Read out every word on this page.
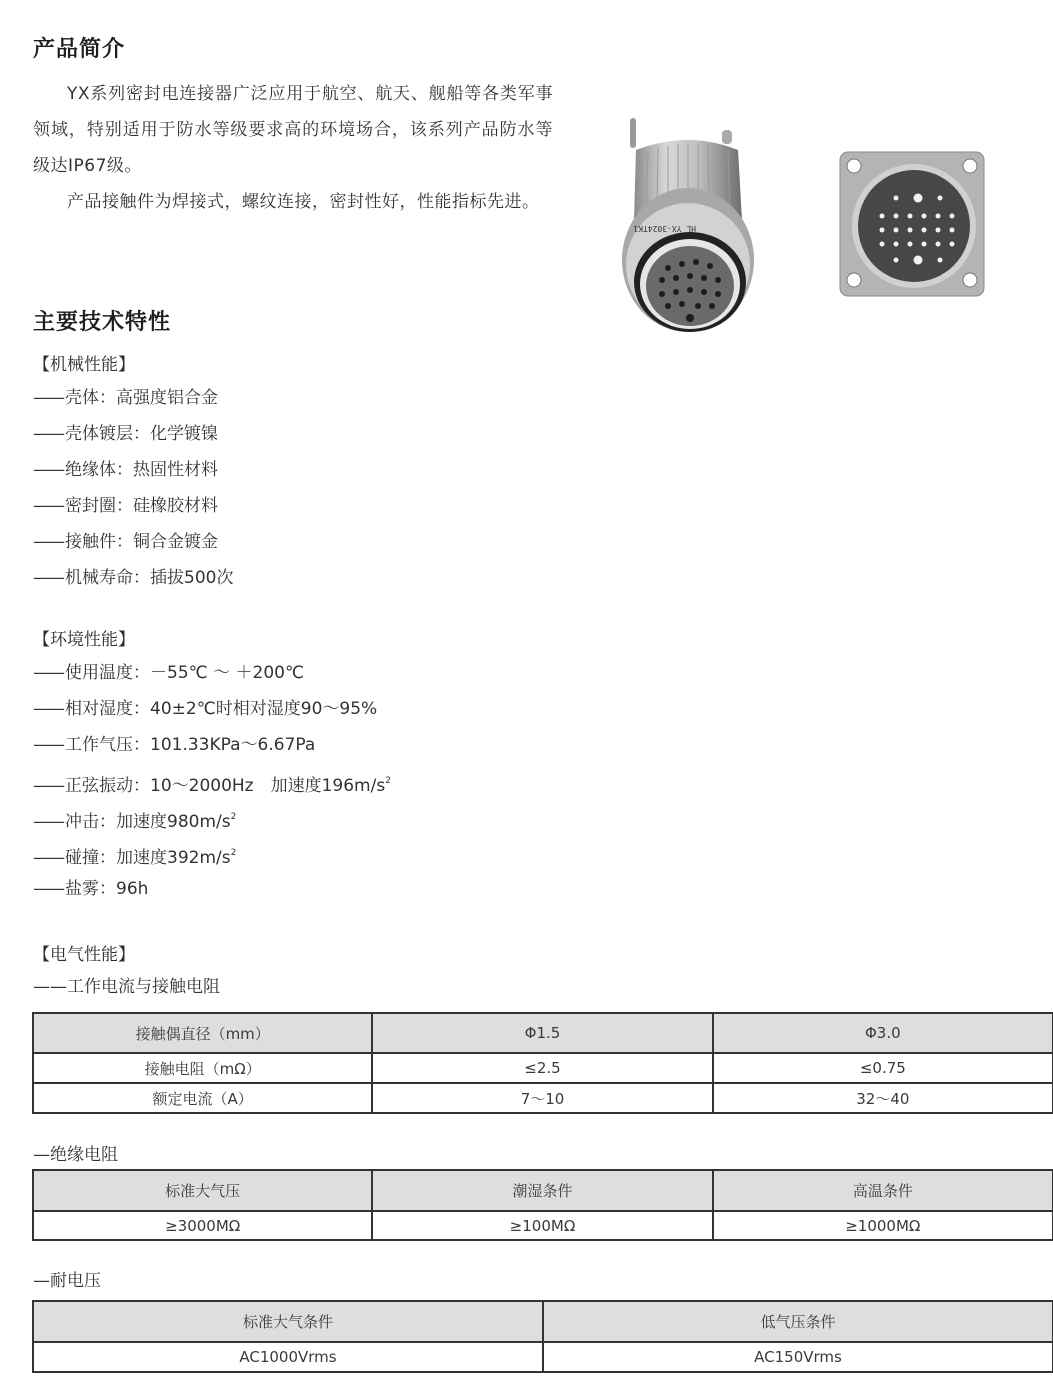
产品简介

YX系列密封电连接器广泛应用于航空、航天、舰船等各类军事领域，特别适用于防水等级要求高的环境场合，该系列产品防水等级达IP67级。

产品接触件为焊接式，螺纹连接，密封性好，性能指标先进。

HL YX-3024TK1
主要技术特性
【机械性能】
—— 壳体：高强度铝合金
—— 壳体镀层：化学镀镍
—— 绝缘体：热固性材料
—— 密封圈：硅橡胶材料
—— 接触件：铜合金镀金
—— 机械寿命：插拔500次
【环境性能】
—— 使用温度：－55℃ ～ ＋200℃
—— 相对湿度：40±2℃时相对湿度90～95%
—— 工作气压：101.33KPa～6.67Pa
—— 正弦振动：10～2000Hz　加速度$196m/s^2$
—— 冲击：加速度$980m/s^2$
—— 碰撞：加速度$392m/s^2$
—— 盐雾：96h
【电气性能】
——工作电流与接触电阻
接触偶直径（mm）	Φ1.5	Φ3.0
接触电阻（mΩ）	≤2.5	≤0.75
额定电流（A）	7～10	32～40
—绝缘电阻
标准大气压	潮湿条件	高温条件
≥3000MΩ	≥100MΩ	≥1000MΩ
—耐电压
标准大气条件	低气压条件
AC1000Vrms	AC150Vrms
